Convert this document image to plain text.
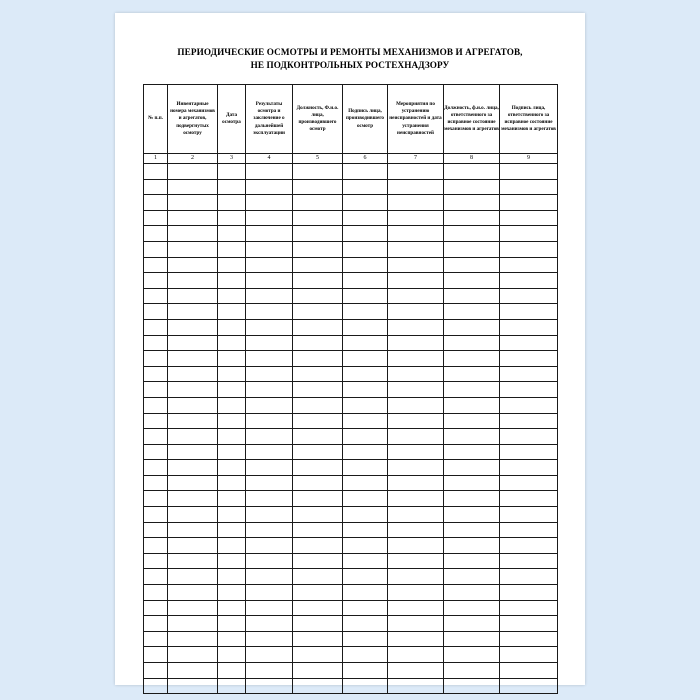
ПЕРИОДИЧЕСКИЕ ОСМОТРЫ И РЕМОНТЫ МЕХАНИЗМОВ И АГРЕГАТОВ,
НЕ ПОДКОНТРОЛЬНЫХ РОСТЕХНАДЗОРУ
№ п.п.	Инвентарные номера механизмов и агрегатов, подвергнутых осмотру	Дата осмотра	Результаты осмотра и заключение о дальнейшей эксплуатации	Должность, Ф.и.о. лица, производившего осмотр	Подпись лица, производившего осмотр	Мероприятия по устранению неисправностей и дата устранения неисправностей	Должность, ф.и.о. лица, ответственного за исправное состояние механизмов и агрегатов	Подпись лица, ответственного за исправное состояние механизмов и агрегатов
1	2	3	4	5	6	7	8	9
